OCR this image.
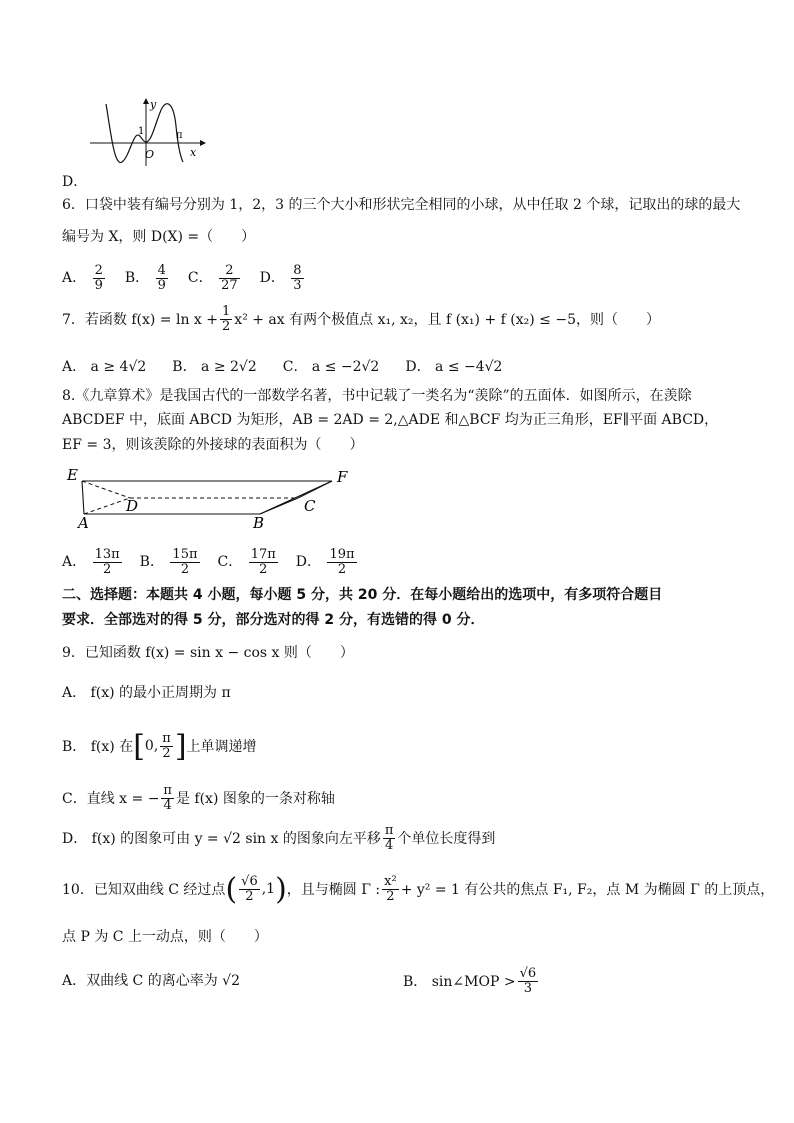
y
1
O
π
x
D．
6．口袋中装有编号分别为 1，2，3 的三个大小和形状完全相同的小球，从中任取 2 个球，记取出的球的最大
编号为 X，则 D(X) =（　　）
A． $\frac{2}{9}$ B． $\frac{4}{9}$ C． $\frac{2}{27}$ D． $\frac{8}{3}$
7．若函数 $f(x) = \ln x + \frac{1}{2} x^2$ + ax 有两个极值点 x₁, x₂，且 f (x₁) + f (x₂) ≤ −5，则（　　）
A． a ≥ 4√2 B． a ≥ 2√2 C． a ≤ −2√2 D． a ≤ −4√2
8.《九章算术》是我国古代的一部数学名著，书中记载了一类名为“羡除”的五面体．如图所示，在羡除
ABCDEF 中，底面 ABCD 为矩形，AB = 2AD = 2,△ADE 和△BCF 均为正三角形，EF∥平面 ABCD，
EF = 3，则该羡除的外接球的表面积为（　　）
E	F
D	C
A	B
A． $\frac{13\pi}{2}$ B． $\frac{15\pi}{2}$ C． $\frac{17\pi}{2}$ D． $\frac{19\pi}{2}$
二、选择题：本题共 4 小题，每小题 5 分，共 20 分．在每小题给出的选项中，有多项符合题目
要求．全部选对的得 5 分，部分选对的得 2 分，有选错的得 0 分．
9．已知函数 f(x) = sin x − cos x 则（　　）
A． f(x) 的最小正周期为 π
B． f(x) 在 [ 0, $\frac{\pi}{2}$ ] 上单调递增
C．直线 x = − $\frac{\pi}{4}$ 是 f(x) 图象的一条对称轴
D． f(x) 的图象可由 y = √2 sin x 的图象向左平移 $\frac{\pi}{4}$ 个单位长度得到
10．已知双曲线 C 经过点 ( $\frac{√6}{2} ,1$ ) ，且与椭圆 Γ : $\frac{\text{x²}}{2} + y^2 = 1$ 有公共的焦点 F₁, F₂，点 M 为椭圆 Γ 的上顶点，
点 P 为 C 上一动点，则（　　）
A．双曲线 C 的离心率为 √2	B． sin∠MOP > $\frac{√6}{3}$
